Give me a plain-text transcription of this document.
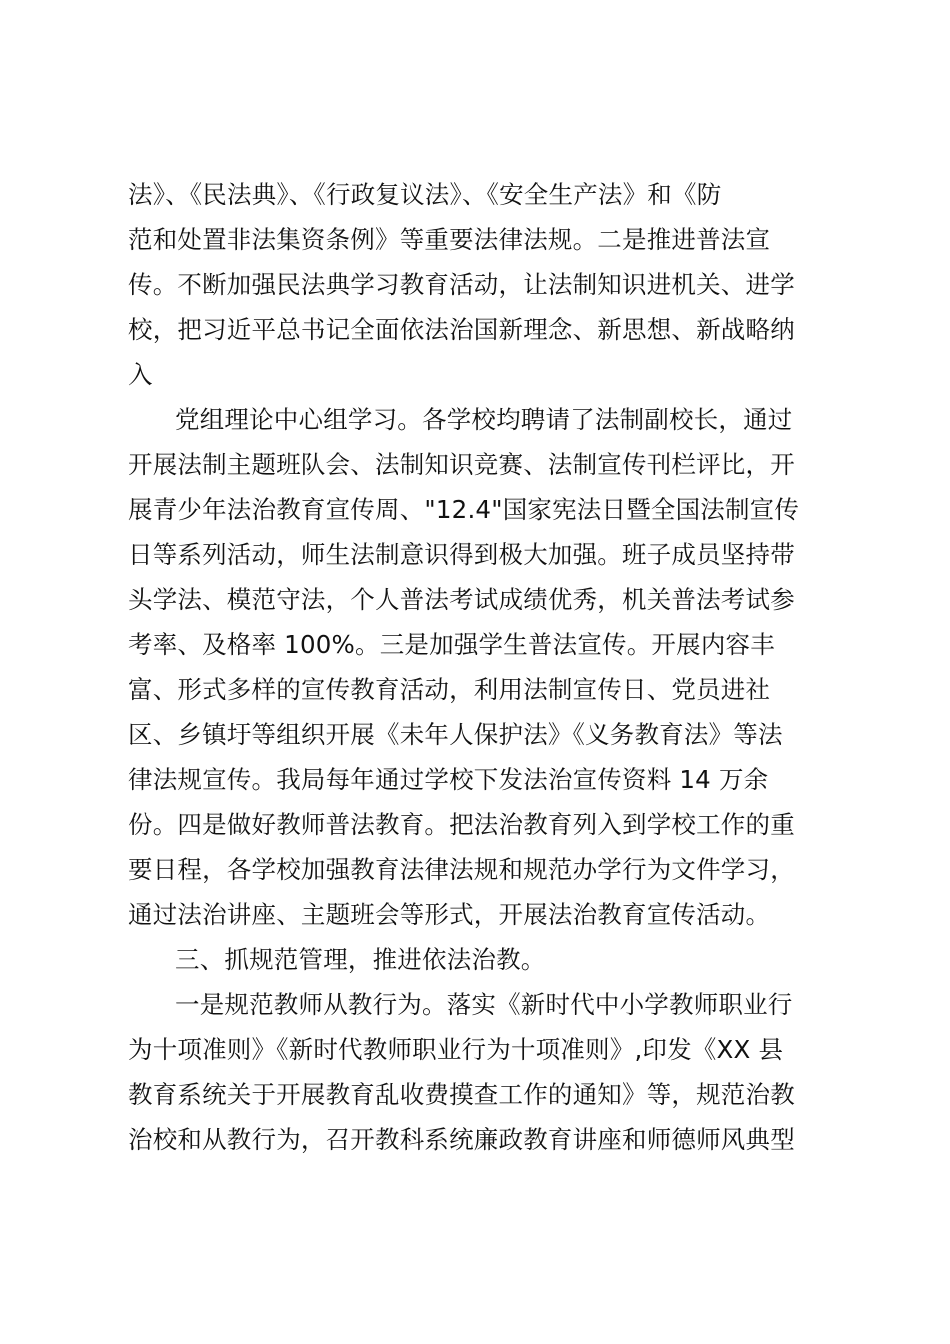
法》、《民法典》、《行政复议法》、《安全生产法》和《防
范和处置非法集资条例》等重要法律法规。二是推进普法宣
传。不断加强民法典学习教育活动，让法制知识进机关、进学
校，把习近平总书记全面依法治国新理念、新思想、新战略纳
入
党组理论中心组学习。各学校均聘请了法制副校长，通过
开展法制主题班队会、法制知识竞赛、法制宣传刊栏评比，开
展青少年法治教育宣传周、"12.4"国家宪法日暨全国法制宣传
日等系列活动，师生法制意识得到极大加强。班子成员坚持带
头学法、模范守法，个人普法考试成绩优秀，机关普法考试参
考率、及格率 100%。三是加强学生普法宣传。开展内容丰
富、形式多样的宣传教育活动，利用法制宣传日、党员进社
区、乡镇圩等组织开展《未年人保护法》《义务教育法》等法
律法规宣传。我局每年通过学校下发法治宣传资料 14 万余
份。四是做好教师普法教育。把法治教育列入到学校工作的重
要日程，各学校加强教育法律法规和规范办学行为文件学习，
通过法治讲座、主题班会等形式，开展法治教育宣传活动。
三、抓规范管理，推进依法治教。
一是规范教师从教行为。落实《新时代中小学教师职业行
为十项准则》《新时代教师职业行为十项准则》,印发《XX 县
教育系统关于开展教育乱收费摸查工作的通知》等，规范治教
治校和从教行为，召开教科系统廉政教育讲座和师德师风典型
